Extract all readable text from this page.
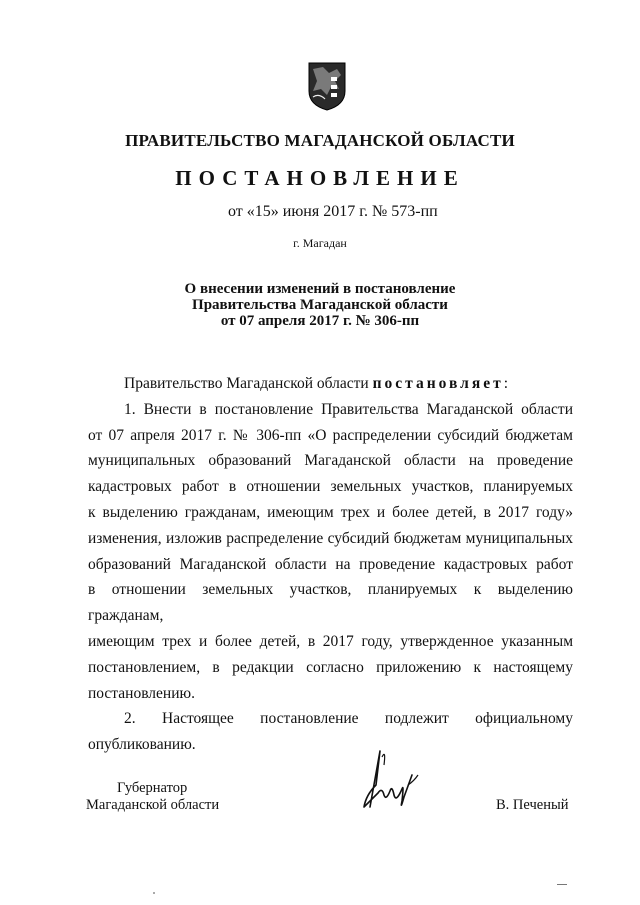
ПРАВИТЕЛЬСТВО МАГАДАНСКОЙ ОБЛАСТИ
ПОСТАНОВЛЕНИЕ
от «15» июня 2017 г. № 573-пп
г. Магадан
О внесении изменений в постановление
Правительства Магаданской области
от 07 апреля 2017 г. № 306-пп
Правительство Магаданской области постановляет:
1. Внести в постановление Правительства Магаданской области
от 07 апреля 2017 г. № 306-пп «О распределении субсидий бюджетам
муниципальных образований Магаданской области на проведение
кадастровых работ в отношении земельных участков, планируемых
к выделению гражданам, имеющим трех и более детей, в 2017 году»
изменения, изложив распределение субсидий бюджетам муниципальных
образований Магаданской области на проведение кадастровых работ
в отношении земельных участков, планируемых к выделению гражданам,
имеющим трех и более детей, в 2017 году, утвержденное указанным
постановлением, в редакции согласно приложению к настоящему
постановлению.
2. Настоящее постановление подлежит официальному
опубликованию.
Губернатор
Магаданской области	В. Печеный
